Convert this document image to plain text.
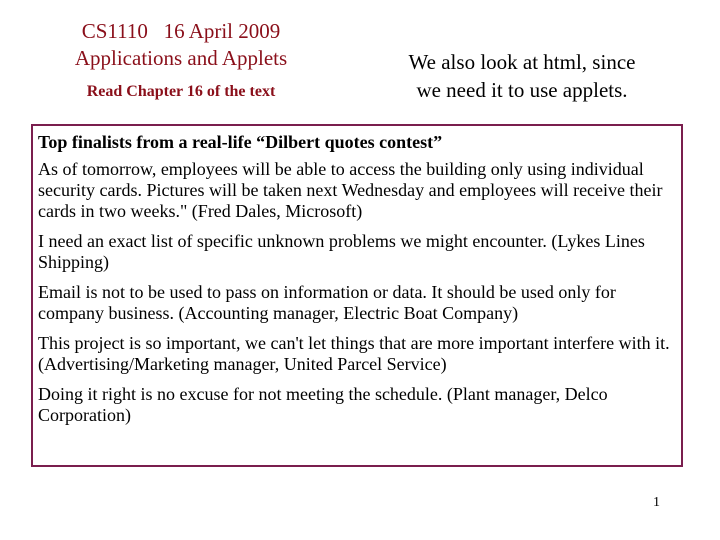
CS1110   16 April 2009
Applications and Applets
Read Chapter 16 of the text
We also look at html, since
we need it to use applets.
Top finalists from a real-life “Dilbert quotes contest”
As of tomorrow, employees will be able to access the building only using individual security cards. Pictures will be taken next Wednesday and employees will receive their cards in two weeks." (Fred Dales, Microsoft)
I need an exact list of specific unknown problems we might encounter. (Lykes Lines Shipping)
Email is not to be used to pass on information or data. It should be used only for company business. (Accounting manager, Electric Boat Company)
This project is so important, we can't let things that are more important interfere with it. (Advertising/Marketing manager, United Parcel Service)
Doing it right is no excuse for not meeting the schedule. (Plant manager, Delco Corporation)
1
